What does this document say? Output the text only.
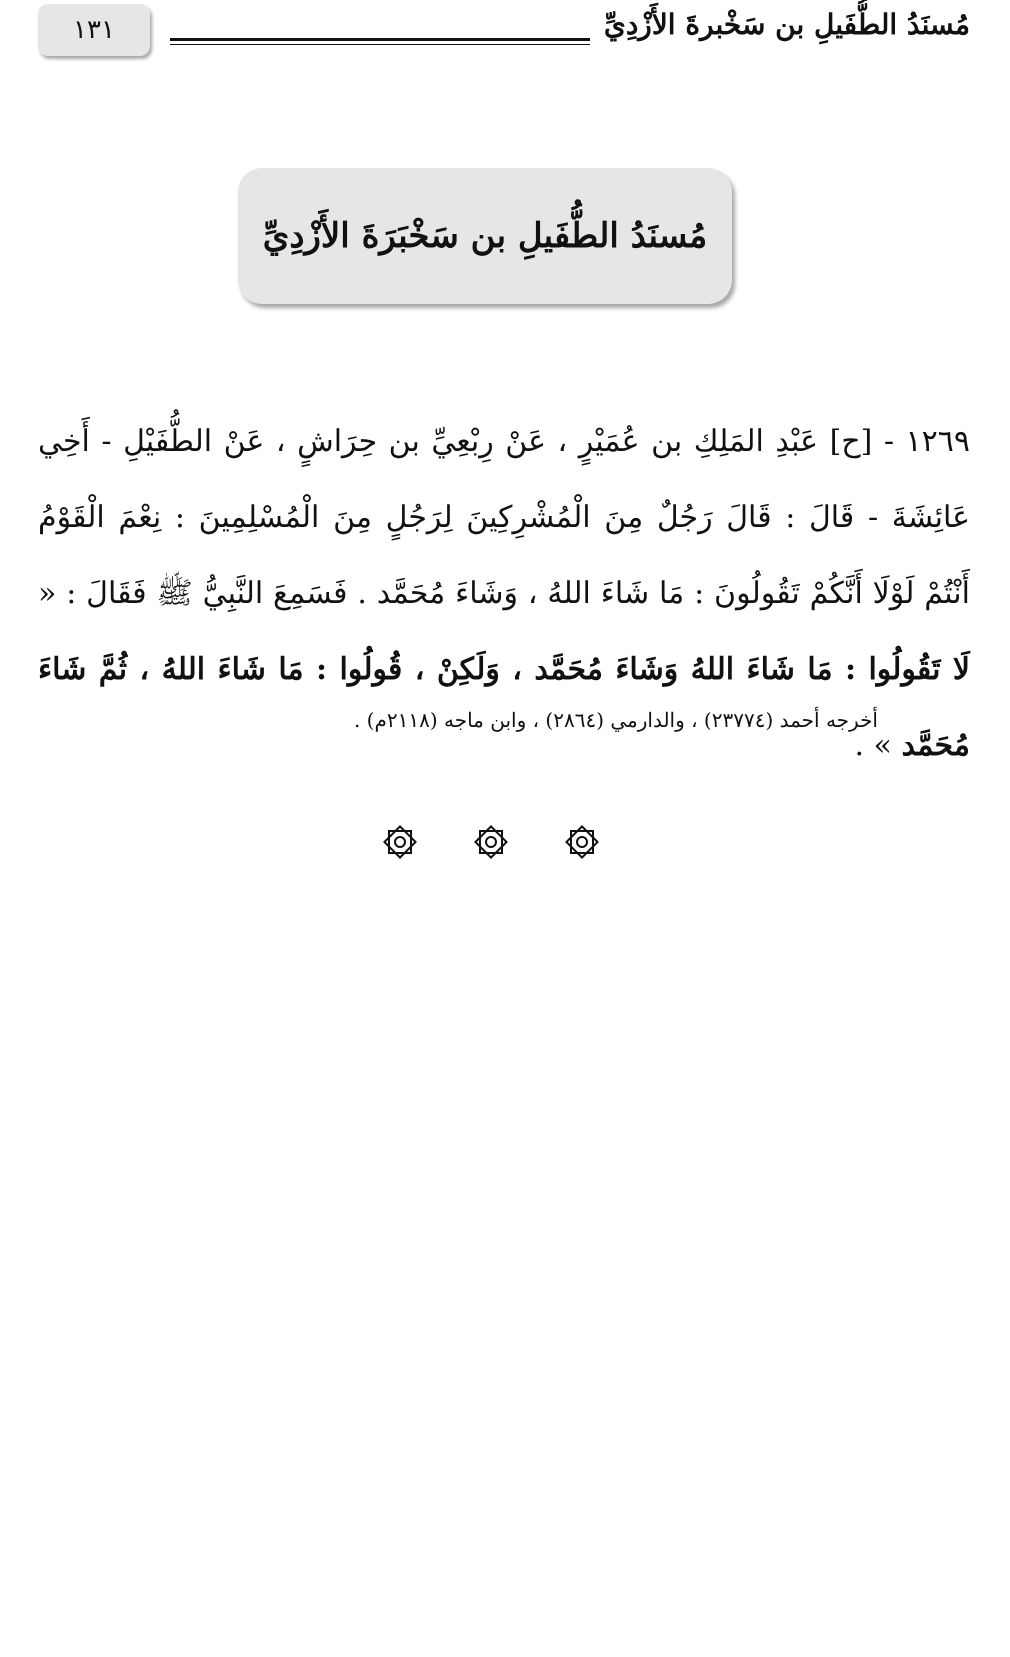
١٣١	مُسنَدُ الطُّفَيلِ بن سَخْبرةَ الأَزْدِيِّ
مُسنَدُ الطُّفَيلِ بن سَخْبَرَةَ الأَزْدِيِّ

١٢٦٩ - [ح] عَبْدِ المَلِكِ بن عُمَيْرٍ ، عَنْ رِبْعِيِّ بن حِرَاشٍ ، عَنْ الطُّفَيْلِ - أَخِي عَائِشَةَ - قَالَ : قَالَ رَجُلٌ مِنَ الْمُشْرِكِينَ لِرَجُلٍ مِنَ الْمُسْلِمِينَ : نِعْمَ الْقَوْمُ أَنْتُمْ لَوْلَا أَنَّكُمْ تَقُولُونَ : مَا شَاءَ اللهُ ، وَشَاءَ مُحَمَّد . فَسَمِعَ النَّبِيُّ ﷺ فَقَالَ : « لَا تَقُولُوا : مَا شَاءَ اللهُ وَشَاءَ مُحَمَّد ، وَلَكِنْ ، قُولُوا : مَا شَاءَ اللهُ ، ثُمَّ شَاءَ مُحَمَّد » .

أخرجه أحمد (٢٣٧٧٤) ، والدارمي (٢٨٦٤) ، وابن ماجه (٢١١٨م) .
